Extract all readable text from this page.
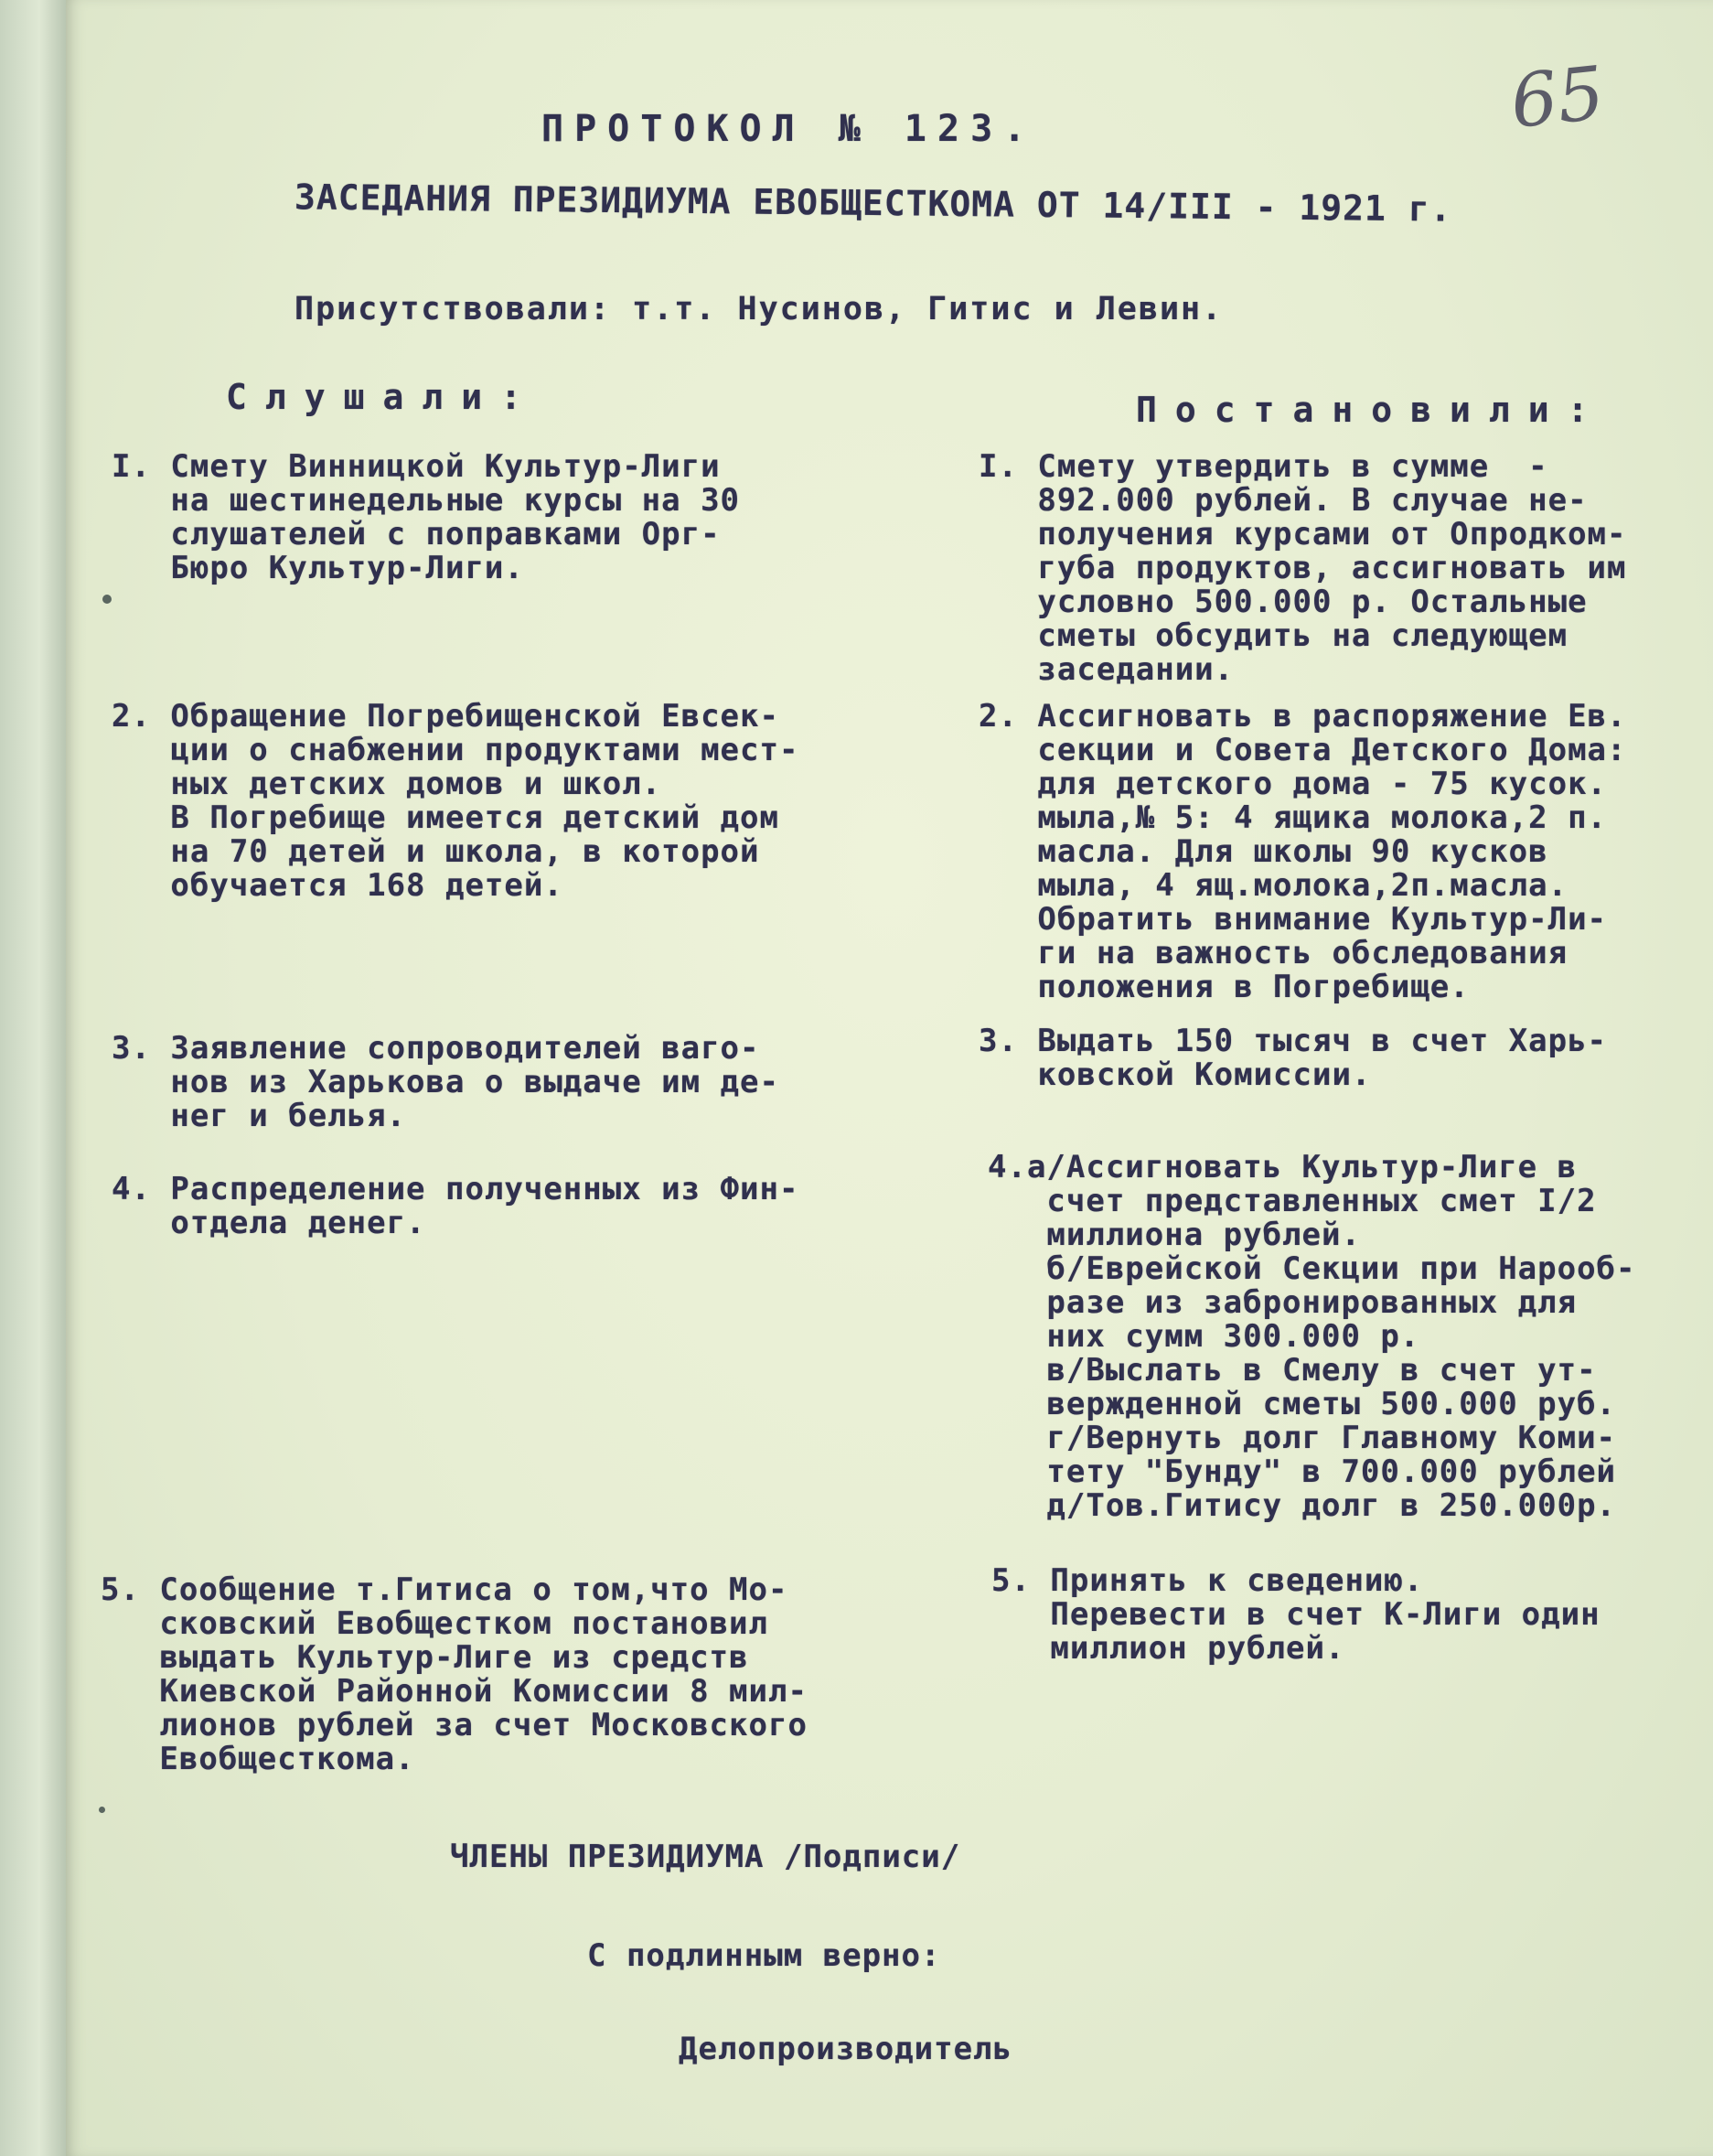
65
ПРОТОКОЛ № 123.
ЗАСЕДАНИЯ ПРЕЗИДИУМА ЕВОБЩЕСТКОМА ОТ 14/III - 1921 г.
Присутствовали: т.т. Нусинов, Гитис и Левин.
Слушали:	Постановили:
I. Смету Винницкой Культур-Лиги
на шестинедельные курсы на 30
слушателей с поправками Орг-
Бюро Культур-Лиги.
2. Обращение Погребищенской Евсек-
ции о снабжении продуктами мест-
ных детских домов и школ.
В Погребище имеется детский дом
на 70 детей и школа, в которой
обучается 168 детей.
3. Заявление сопроводителей ваго-
нов из Харькова о выдаче им де-
нег и белья.
4. Распределение полученных из Фин-
отдела денег.
5. Сообщение т.Гитиса о том,что Мо-
сковский Евобщестком постановил
выдать Культур-Лиге из средств
Киевской Районной Комиссии 8 мил-
лионов рублей за счет Московского
Евобщесткома.
I. Смету утвердить в сумме  -
892.000 рублей. В случае не-
получения курсами от Опродком-
губа продуктов, ассигновать им
условно 500.000 р. Остальные
сметы обсудить на следующем
заседании.
2. Ассигновать в распоряжение Ев.
секции и Совета Детского Дома:
для детского дома - 75 кусок.
мыла,№ 5: 4 ящика молока,2 п.
масла. Для школы 90 кусков
мыла, 4 ящ.молока,2п.масла.
Обратить внимание Культур-Ли-
ги на важность обследования
положения в Погребище.
3. Выдать 150 тысяч в счет Харь-
ковской Комиссии.
4.а/Ассигновать Культур-Лиге в
счет представленных смет I/2
миллиона рублей.
б/Еврейской Секции при Нарооб-
разе из забронированных для
них сумм 300.000 р.
в/Выслать в Смелу в счет ут-
вержденной сметы 500.000 руб.
г/Вернуть долг Главному Коми-
тету "Бунду" в 700.000 рублей
д/Тов.Гитису долг в 250.000р.
5. Принять к сведению.
Перевести в счет К-Лиги один
миллион рублей.
ЧЛЕНЫ ПРЕЗИДИУМА /Подписи/
С подлинным верно:
Делопроизводитель
